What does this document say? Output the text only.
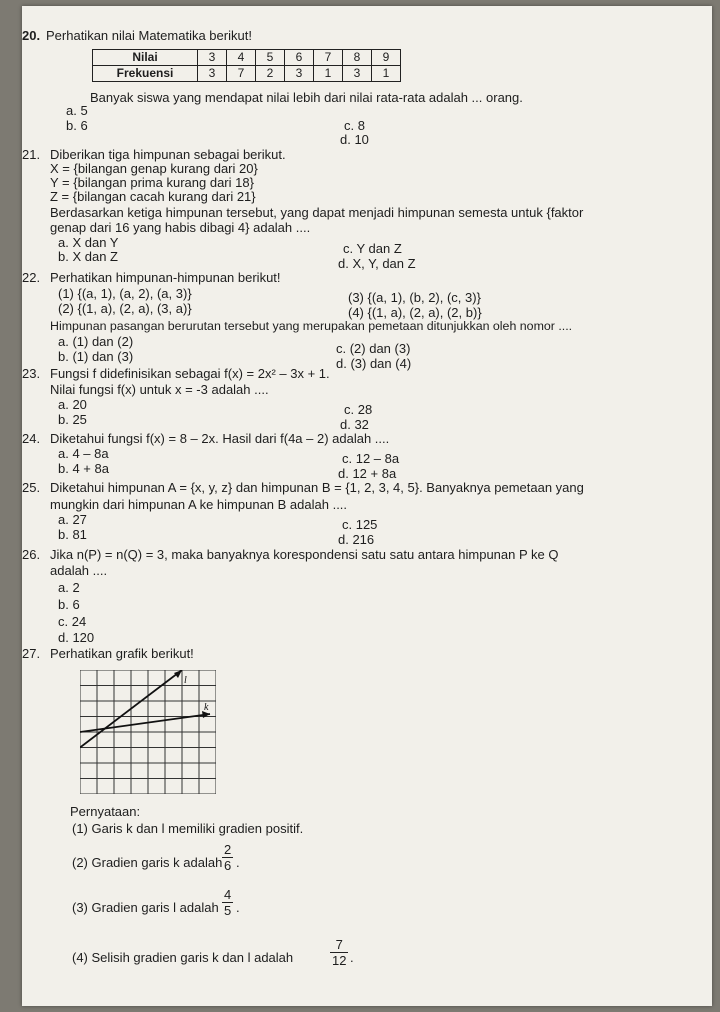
20. Perhatikan nilai Matematika berikut!
Nilai	3	4	5	6	7	8	9
Frekuensi	3	7	2	3	1	3	1
Banyak siswa yang mendapat nilai lebih dari nilai rata-rata adalah ... orang.
a. 5
b. 6	c. 8
d. 10
21. Diberikan tiga himpunan sebagai berikut.
X = {bilangan genap kurang dari 20}
Y = {bilangan prima kurang dari 18}
Z = {bilangan cacah kurang dari 21}
Berdasarkan ketiga himpunan tersebut, yang dapat menjadi himpunan semesta untuk {faktor
genap dari 16 yang habis dibagi 4} adalah ....
a. X dan Y
b. X dan Z
c. Y dan Z
d. X, Y, dan Z
22. Perhatikan himpunan-himpunan berikut!
(1) {(a, 1), (a, 2), (a, 3)}
(2) {(1, a), (2, a), (3, a)}
(3) {(a, 1), (b, 2), (c, 3)}
(4) {(1, a), (2, a), (2, b)}
Himpunan pasangan berurutan tersebut yang merupakan pemetaan ditunjukkan oleh nomor ....
a. (1) dan (2)
b. (1) dan (3)
c. (2) dan (3)
d. (3) dan (4)
23. Fungsi f didefinisikan sebagai f(x) = 2x² – 3x + 1.
Nilai fungsi f(x) untuk x = -3 adalah ....
a. 20
b. 25
c. 28
d. 32
24. Diketahui fungsi f(x) = 8 – 2x. Hasil dari f(4a – 2) adalah ....
a. 4 – 8a
b. 4 + 8a
c. 12 – 8a
d. 12 + 8a
25. Diketahui himpunan A = {x, y, z} dan himpunan B = {1, 2, 3, 4, 5}. Banyaknya pemetaan yang
mungkin dari himpunan A ke himpunan B adalah ....
a. 27
b. 81
c. 125
d. 216
26. Jika n(P) = n(Q) = 3, maka banyaknya korespondensi satu satu antara himpunan P ke Q
adalah ....
a. 2
b. 6
c. 24
d. 120
27. Perhatikan grafik berikut!
l
k
Pernyataan:
(1) Garis k dan l memiliki gradien positif.
(2) Gradien garis k adalah $\frac{2}{6}$ .
(3) Gradien garis l adalah $\frac{4}{5}$ .
(4) Selisih gradien garis k dan l adalah	$\frac{7}{12}$ .
